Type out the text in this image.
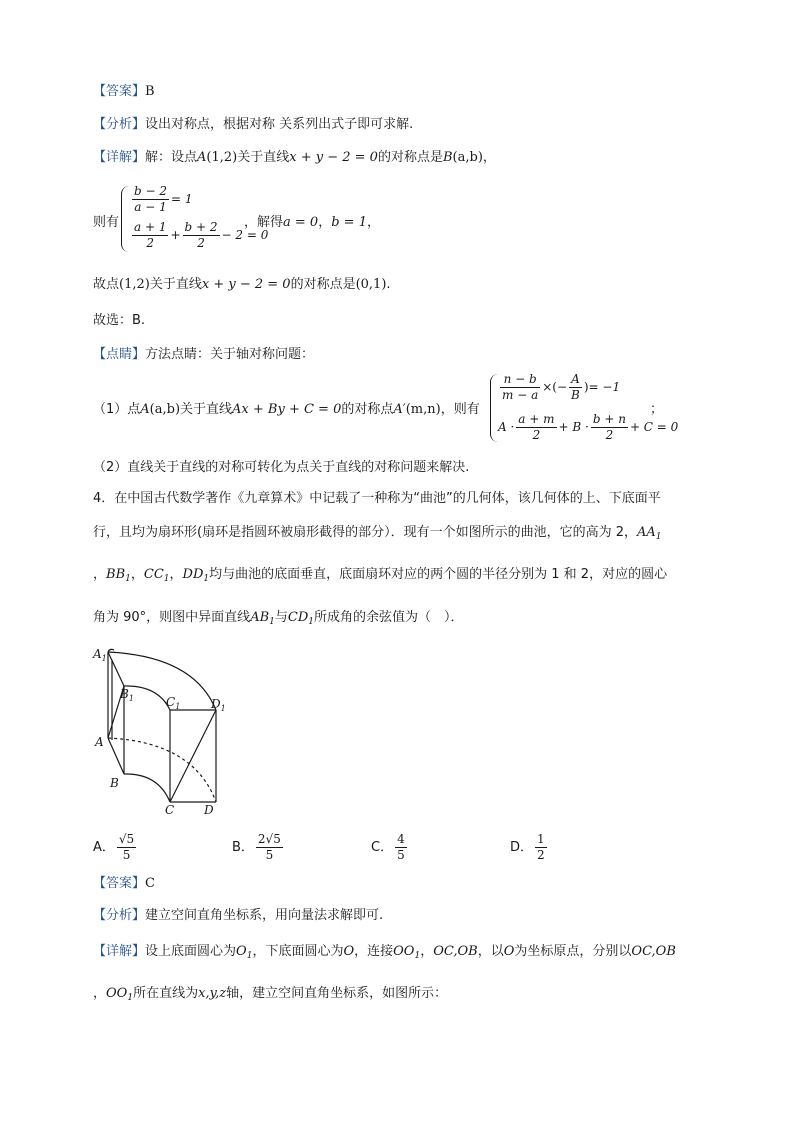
【答案】B
【分析】设出对称点，根据对称 关系列出式子即可求解.
【详解】解：设点A(1,2)关于直线x + y − 2 = 0的对称点是B(a,b)，
则有
$\frac{b - 2}{a - 1} = 1$
$\frac{a + 1}{2} + \frac{b + 2}{2} - 2 = 0$
，解得a = 0，b = 1，
故点(1,2)关于直线x + y − 2 = 0的对称点是(0,1).
故选：B.
【点睛】方法点睛：关于轴对称问题：
（1）点A(a,b)关于直线Ax + By + C = 0的对称点A′(m,n)，则有
$\frac{n - b}{m - a}$ ×(− $\frac{A}{B}$ )= −1
$A \cdot \frac{a + m}{2} + B \cdot \frac{b + n}{2} + C = 0$
；
（2）直线关于直线的对称可转化为点关于直线的对称问题来解决.
4．在中国古代数学著作《九章算术》中记载了一种称为“曲池”的几何体，该几何体的上、下底面平
行，且均为扇环形(扇环是指圆环被扇形截得的部分）．现有一个如图所示的曲池，它的高为 2，$AA_1$
，$BB_1$，$CC_1$，$DD_1$均与曲池的底面垂直，底面扇环对应的两个圆的半径分别为 1 和 2，对应的圆心
角为 90°，则图中异面直线$AB_1$与$CD_1$所成角的余弦值为（　）．
$A_1$
$B_1$	$C_1$	$D_1$
A
B
C D
A． $\frac{√5}{5}$	B． $\frac{2√5}{5}$	C． $\frac{4}{5}$	D． $\frac{1}{2}$
【答案】C
【分析】建立空间直角坐标系，用向量法求解即可.
【详解】设上底面圆心为$O_1$，下底面圆心为O，连接$OO_1$，OC,OB，以O为坐标原点，分别以OC,OB
，$OO_1$所在直线为x,y,z轴，建立空间直角坐标系，如图所示：
